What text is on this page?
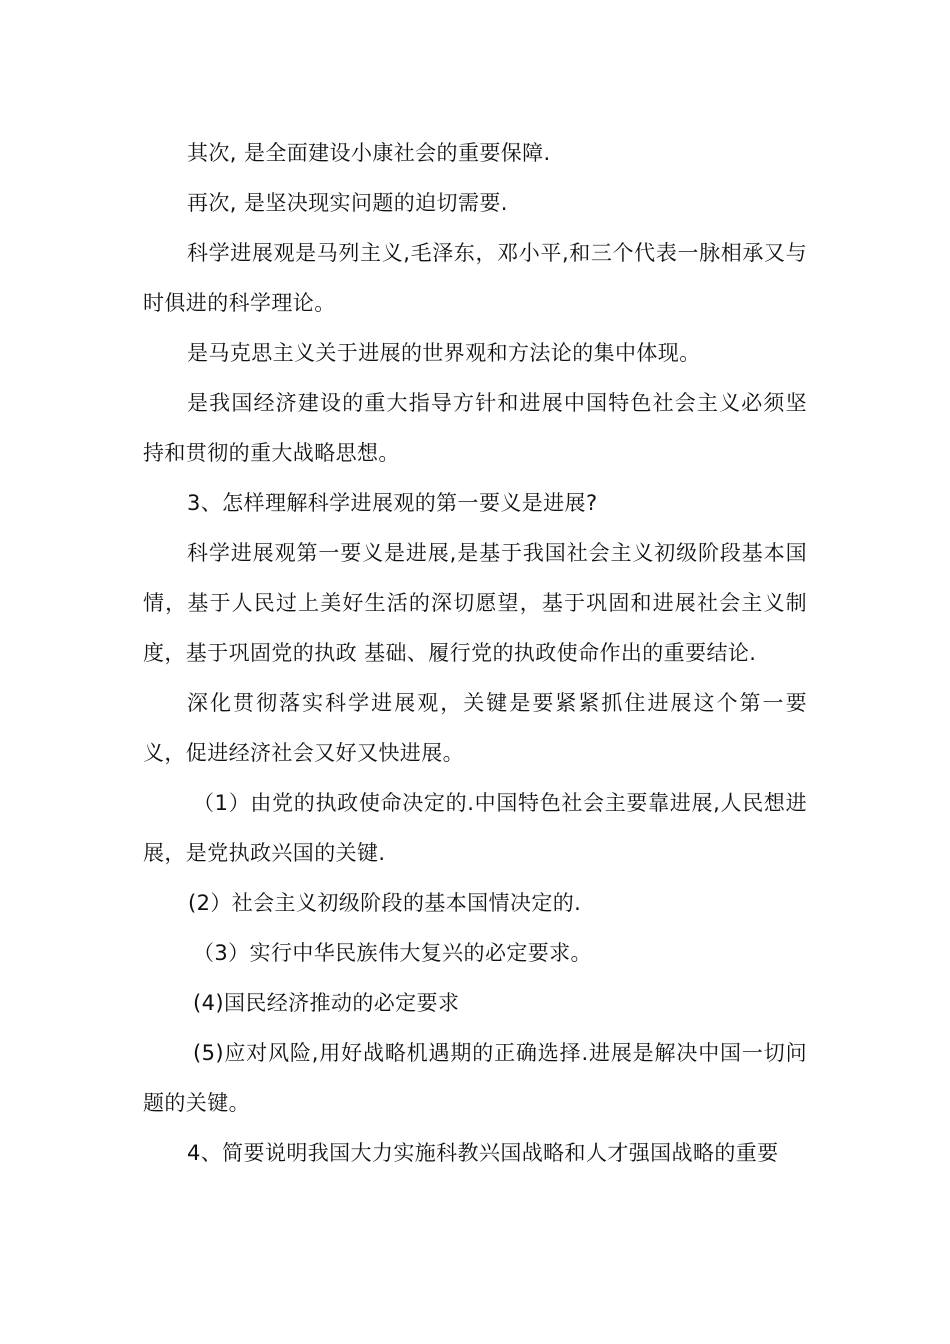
其次, 是全面建设小康社会的重要保障.

再次, 是坚决现实问题的迫切需要.

科学进展观是马列主义,毛泽东，邓小平,和三个代表一脉相承又与时俱进的科学理论。

是马克思主义关于进展的世界观和方法论的集中体现。

是我国经济建设的重大指导方针和进展中国特色社会主义必须坚持和贯彻的重大战略思想。

3、怎样理解科学进展观的第一要义是进展?

科学进展观第一要义是进展,是基于我国社会主义初级阶段基本国情，基于人民过上美好生活的深切愿望，基于巩固和进展社会主义制度，基于巩固党的执政 基础、履行党的执政使命作出的重要结论.

深化贯彻落实科学进展观，关键是要紧紧抓住进展这个第一要义，促进经济社会又好又快进展。

（1）由党的执政使命决定的.中国特色社会主要靠进展,人民想进展，是党执政兴国的关键.

(2）社会主义初级阶段的基本国情决定的.

（3）实行中华民族伟大复兴的必定要求。

(4)国民经济推动的必定要求

(5)应对风险,用好战略机遇期的正确选择.进展是解决中国一切问题的关键。

4、简要说明我国大力实施科教兴国战略和人才强国战略的重要
